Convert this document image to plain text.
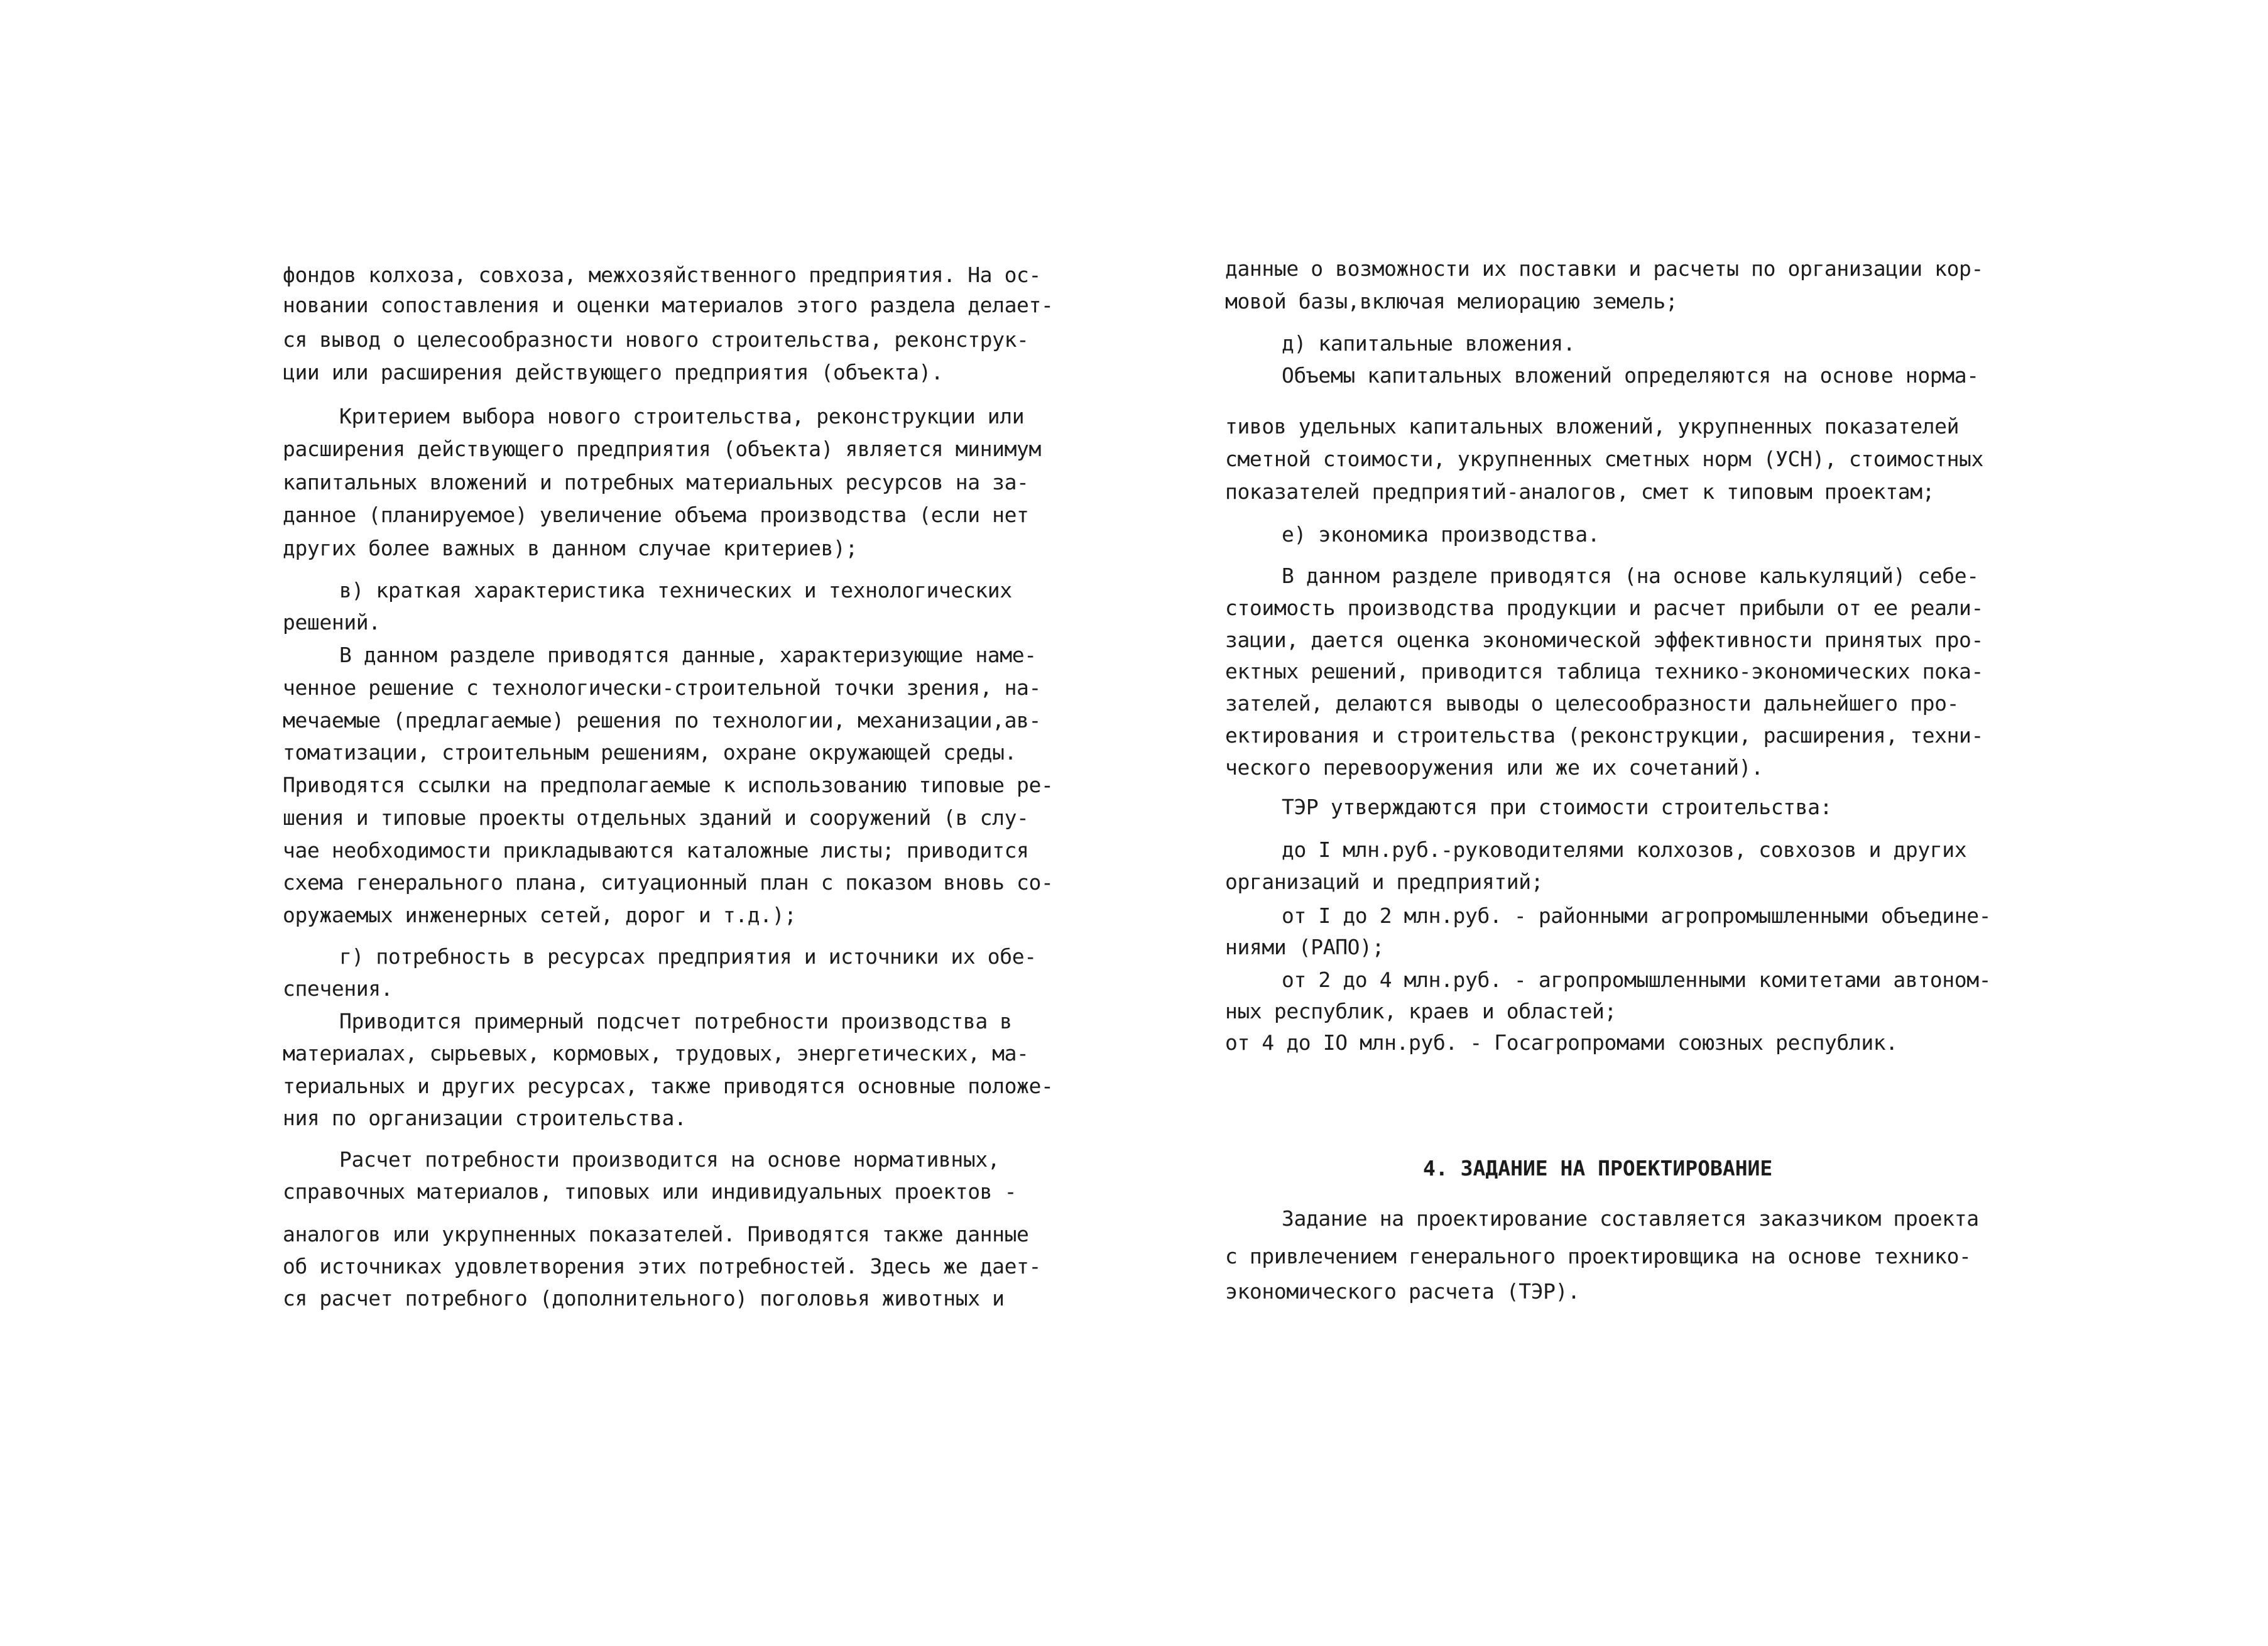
фондов колхоза, совхоза, межхозяйственного предприятия. На ос-

новании сопоставления и оценки материалов этого раздела делает-

ся вывод о целесообразности нового строительства, реконструк-

ции или расширения действующего предприятия (объекта).

Критерием выбора нового строительства, реконструкции или

расширения действующего предприятия (объекта) является минимум

капитальных вложений и потребных материальных ресурсов на за-

данное (планируемое) увеличение объема производства (если нет

других более важных в данном случае критериев);

в) краткая характеристика технических и технологических

решений.

В данном разделе приводятся данные, характеризующие наме-

ченное решение с технологически-строительной точки зрения, на-

мечаемые (предлагаемые) решения по технологии, механизации,ав-

томатизации, строительным решениям, охране окружающей среды.

Приводятся ссылки на предполагаемые к использованию типовые ре-

шения и типовые проекты отдельных зданий и сооружений (в слу-

чае необходимости прикладываются каталожные листы; приводится

схема генерального плана, ситуационный план с показом вновь со-

оружаемых инженерных сетей, дорог и т.д.);

г) потребность в ресурсах предприятия и источники их обе-

спечения.

Приводится примерный подсчет потребности производства в

материалах, сырьевых, кормовых, трудовых, энергетических, ма-

териальных и других ресурсах, также приводятся основные положе-

ния по организации строительства.

Расчет потребности производится на основе нормативных,

справочных материалов, типовых или индивидуальных проектов -

аналогов или укрупненных показателей. Приводятся также данные

об источниках удовлетворения этих потребностей. Здесь же дает-

ся расчет потребного (дополнительного) поголовья животных и

данные о возможности их поставки и расчеты по организации кор-

мовой базы,включая мелиорацию земель;

д) капитальные вложения.

Объемы капитальных вложений определяются на основе норма-

тивов удельных капитальных вложений, укрупненных показателей

сметной стоимости, укрупненных сметных норм (УСН), стоимостных

показателей предприятий-аналогов, смет к типовым проектам;

е) экономика производства.

В данном разделе приводятся (на основе калькуляций) себе-

стоимость производства продукции и расчет прибыли от ее реали-

зации, дается оценка экономической эффективности принятых про-

ектных решений, приводится таблица технико-экономических пока-

зателей, делаются выводы о целесообразности дальнейшего про-

ектирования и строительства (реконструкции, расширения, техни-

ческого перевооружения или же их сочетаний).

ТЭР утверждаются при стоимости строительства:

до I млн.руб.-руководителями колхозов, совхозов и других

организаций и предприятий;

от I до 2 млн.руб. - районными агропромышленными объедине-

ниями (РАПО);

от 2 до 4 млн.руб. - агропромышленными комитетами автоном-

ных республик, краев и областей;

от 4 до IO млн.руб. - Госагропромами союзных республик.

4. ЗАДАНИЕ НА ПРОЕКТИРОВАНИЕ

Задание на проектирование составляется заказчиком проекта

с привлечением генерального проектировщика на основе технико-

экономического расчета (ТЭР).
